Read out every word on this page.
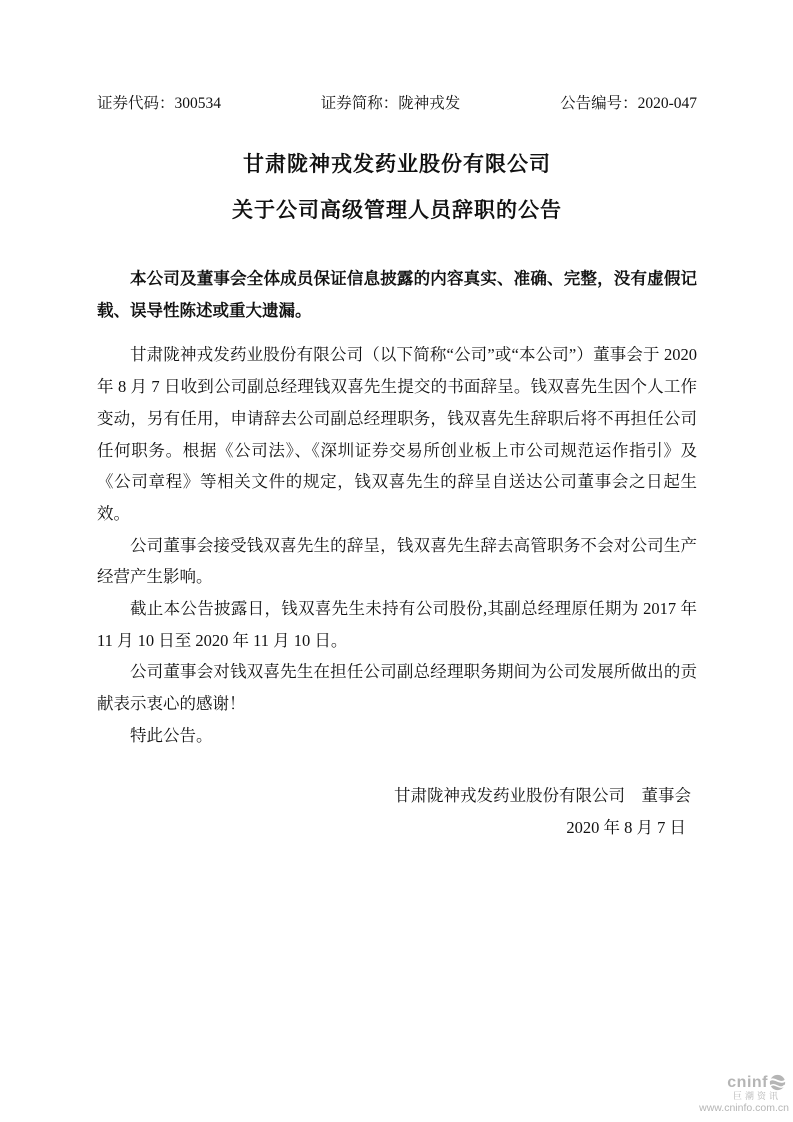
证券代码：300534	证券简称：陇神戎发	公告编号：2020-047
甘肃陇神戎发药业股份有限公司
关于公司高级管理人员辞职的公告

本公司及董事会全体成员保证信息披露的内容真实、准确、完整，没有虚假记载、误导性陈述或重大遗漏。

甘肃陇神戎发药业股份有限公司（以下简称“公司”或“本公司”）董事会于 2020 年 8 月 7 日收到公司副总经理钱双喜先生提交的书面辞呈。钱双喜先生因个人工作变动，另有任用，申请辞去公司副总经理职务，钱双喜先生辞职后将不再担任公司任何职务。根据《公司法》、《深圳证券交易所创业板上市公司规范运作指引》及《公司章程》等相关文件的规定，钱双喜先生的辞呈自送达公司董事会之日起生效。

公司董事会接受钱双喜先生的辞呈，钱双喜先生辞去高管职务不会对公司生产经营产生影响。

截止本公告披露日，钱双喜先生未持有公司股份,其副总经理原任期为 2017 年 11 月 10 日至 2020 年 11 月 10 日。

公司董事会对钱双喜先生在担任公司副总经理职务期间为公司发展所做出的贡献表示衷心的感谢！

特此公告。

甘肃陇神戎发药业股份有限公司　董事会
2020 年 8 月 7 日
cninf
巨潮资讯
www.cninfo.com.cn
